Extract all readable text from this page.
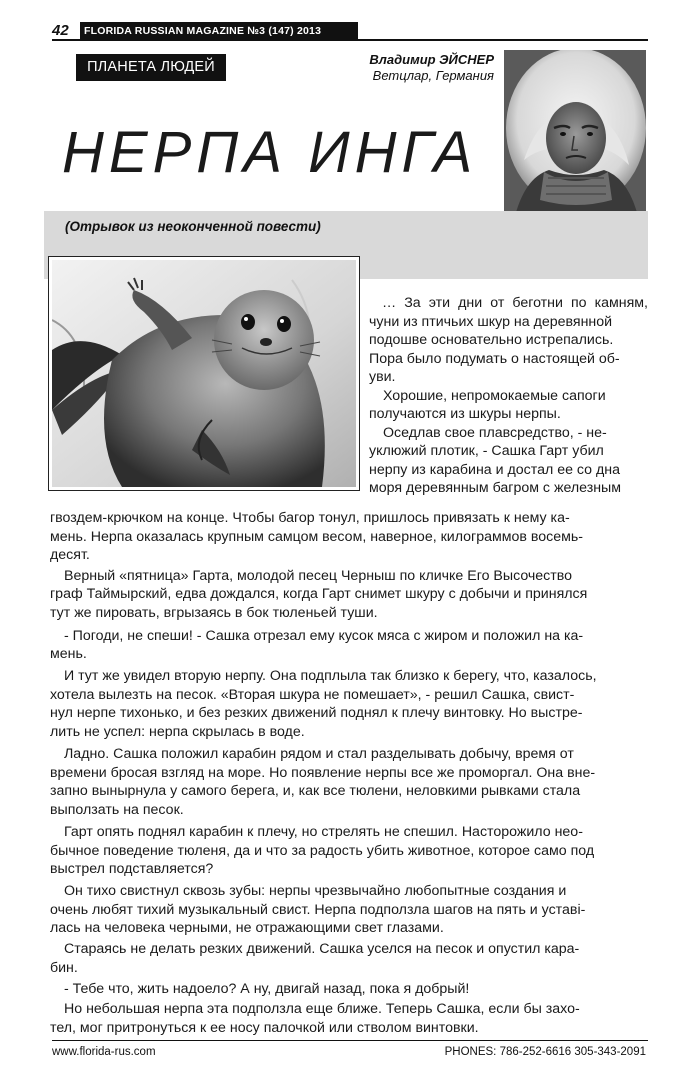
42	FLORIDA RUSSIAN MAGAZINE №3 (147) 2013
ПЛАНЕТА ЛЮДЕЙ	Владимир ЭЙСНЕР
Ветцлар, Германия
НЕРПА ИНГА
(Отрывок из неоконченной повести)
… За эти дни от беготни по камням,
чуни из птичьих шкур на деревянной
подошве основательно истрепались.
Пора было подумать о настоящей об-
уви.
Хорошие, непромокаемые сапоги
получаются из шкуры нерпы.
Оседлав свое плавсредство, - не-
уклюжий плотик, - Сашка Гарт убил
нерпу из карабина и достал ее со дна
моря деревянным багром с железным
гвоздем-крючком на конце. Чтобы багор тонул, пришлось привязать к нему ка-
мень. Нерпа оказалась крупным самцом весом, наверное, килограммов восемь-
десят.
Верный «пятница» Гарта, молодой песец Черныш по кличке Его Высочество
граф Таймырский, едва дождался, когда Гарт снимет шкуру с добычи и принялся
тут же пировать, вгрызаясь в бок тюленьей туши.
- Погоди, не спеши! - Сашка отрезал ему кусок мяса с жиром и положил на ка-
мень.
И тут же увидел вторую нерпу. Она подплыла так близко к берегу, что, казалось,
хотела вылезть на песок. «Вторая шкура не помешает», - решил Сашка, свист-
нул нерпе тихонько, и без резких движений поднял к плечу винтовку. Но выстре-
лить не успел: нерпа скрылась в воде.
Ладно. Сашка положил карабин рядом и стал разделывать добычу, время от
времени бросая взгляд на море. Но появление нерпы все же проморгал. Она вне-
запно вынырнула у самого берега, и, как все тюлени, неловкими рывками стала
выползать на песок.
Гарт опять поднял карабин к плечу, но стрелять не спешил. Насторожило нео-
бычное поведение тюленя, да и что за радость убить животное, которое само под
выстрел подставляется?
Он тихо свистнул сквозь зубы: нерпы чрезвычайно любопытные создания и
очень любят тихий музыкальный свист. Нерпа подползла шагов на пять и уставі-
лась на человека черными, не отражающими свет глазами.
Стараясь не делать резких движений. Сашка уселся на песок и опустил кара-
бин.
- Тебе что, жить надоело? А ну, двигай назад, пока я добрый!
Но небольшая нерпа эта подползла еще ближе. Теперь Сашка, если бы захо-
тел, мог притронуться к ее носу палочкой или стволом винтовки.
www.florida-rus.com	PHONES: 786-252-6616 305-343-2091
